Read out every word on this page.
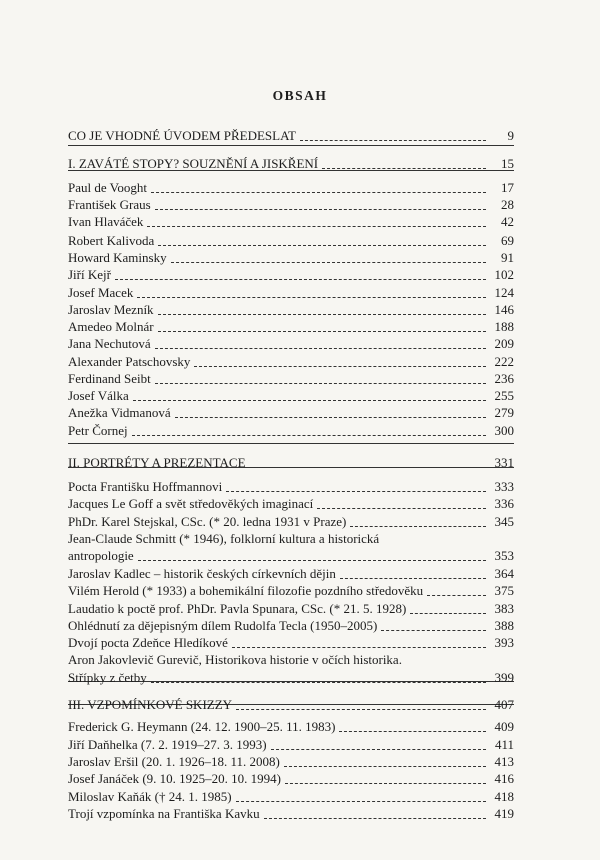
OBSAH
CO JE VHODNÉ ÚVODEM PŘEDESLAT	9
I. ZAVÁTÉ STOPY? SOUZNĚNÍ A JISKŘENÍ	15
Paul de Vooght	17
František Graus	28
Ivan Hlaváček	42
Robert Kalivoda	69
Howard Kaminsky	91
Jiří Kejř	102
Josef Macek	124
Jaroslav Mezník	146
Amedeo Molnár	188
Jana Nechutová	209
Alexander Patschovsky	222
Ferdinand Seibt	236
Josef Válka	255
Anežka Vidmanová	279
Petr Čornej	300
II. PORTRÉTY A PREZENTACE	331
Pocta Františku Hoffmannovi	333
Jacques Le Goff a svět středověkých imaginací	336
PhDr. Karel Stejskal, CSc. (* 20. ledna 1931 v Praze)	345
Jean-Claude Schmitt (* 1946), folklorní kultura a historická
antropologie	353
Jaroslav Kadlec – historik českých církevních dějin	364
Vilém Herold (* 1933) a bohemikální filozofie pozdního středověku	375
Laudatio k poctě prof. PhDr. Pavla Spunara, CSc. (* 21. 5. 1928)	383
Ohlédnutí za dějepisným dílem Rudolfa Tecla (1950–2005)	388
Dvojí pocta Zdeňce Hledíkové	393
Aron Jakovlevič Gurevič, Historikova historie v očích historika.
Střípky z četby	399
III. VZPOMÍNKOVÉ SKIZZY	407
Frederick G. Heymann (24. 12. 1900–25. 11. 1983)	409
Jiří Daňhelka (7. 2. 1919–27. 3. 1993)	411
Jaroslav Eršil (20. 1. 1926–18. 11. 2008)	413
Josef Janáček (9. 10. 1925–20. 10. 1994)	416
Miloslav Kaňák († 24. 1. 1985)	418
Trojí vzpomínka na Františka Kavku	419
